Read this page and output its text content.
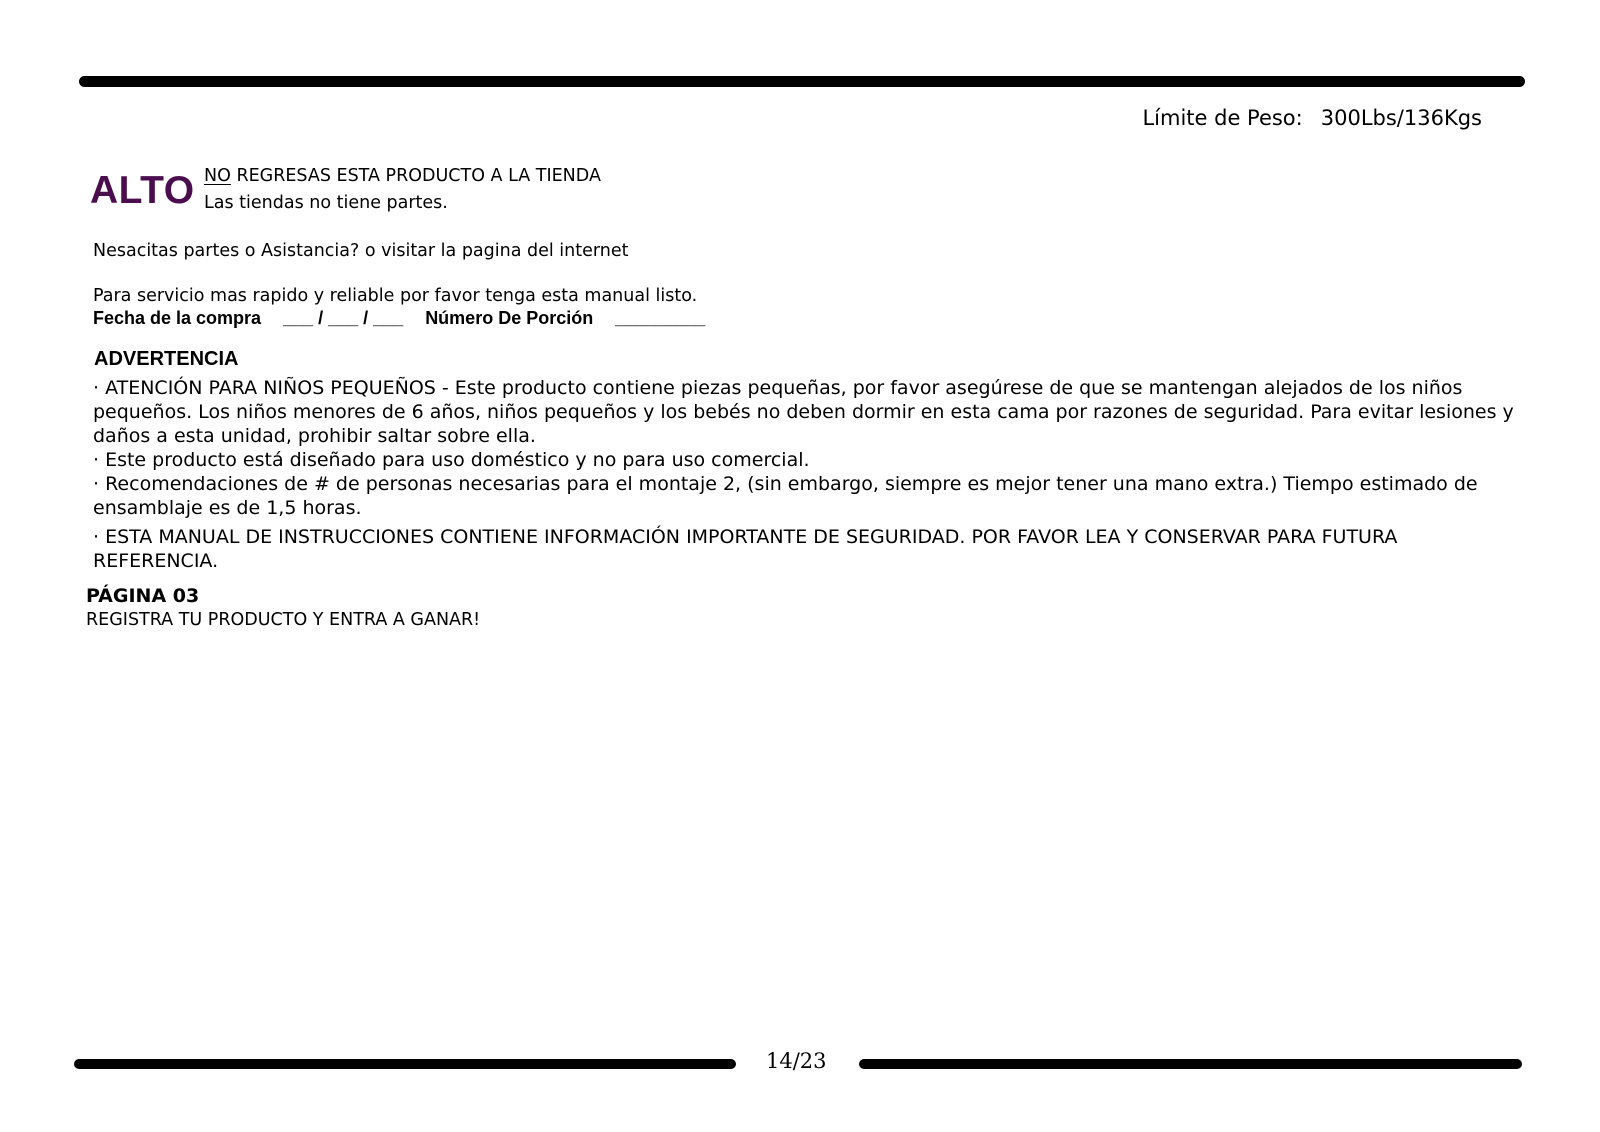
Límite de Peso: 300Lbs/136Kgs
ALTO NO REGRESAS ESTA PRODUCTO A LA TIENDA
Las tiendas no tiene partes.
Nesacitas partes o Asistancia? o visitar la pagina del internet
Para servicio mas rapido y reliable por favor tenga esta manual listo.
Fecha de la compra ___ / ___ / ___ Número De Porción _________
ADVERTENCIA

· ATENCIÓN PARA NIÑOS PEQUEÑOS - Este producto contiene piezas pequeñas, por favor asegúrese de que se mantengan alejados de los niños pequeños. Los niños menores de 6 años, niños pequeños y los bebés no deben dormir en esta cama por razones de seguridad. Para evitar lesiones y daños a esta unidad, prohibir saltar sobre ella.

· Este producto está diseñado para uso doméstico y no para uso comercial.

· Recomendaciones de # de personas necesarias para el montaje 2, (sin embargo, siempre es mejor tener una mano extra.) Tiempo estimado de ensamblaje es de 1,5 horas.

· ESTA MANUAL DE INSTRUCCIONES CONTIENE INFORMACIÓN IMPORTANTE DE SEGURIDAD. POR FAVOR LEA Y CONSERVAR PARA FUTURA REFERENCIA.

PÁGINA 03
REGISTRA TU PRODUCTO Y ENTRA A GANAR!
14/23
